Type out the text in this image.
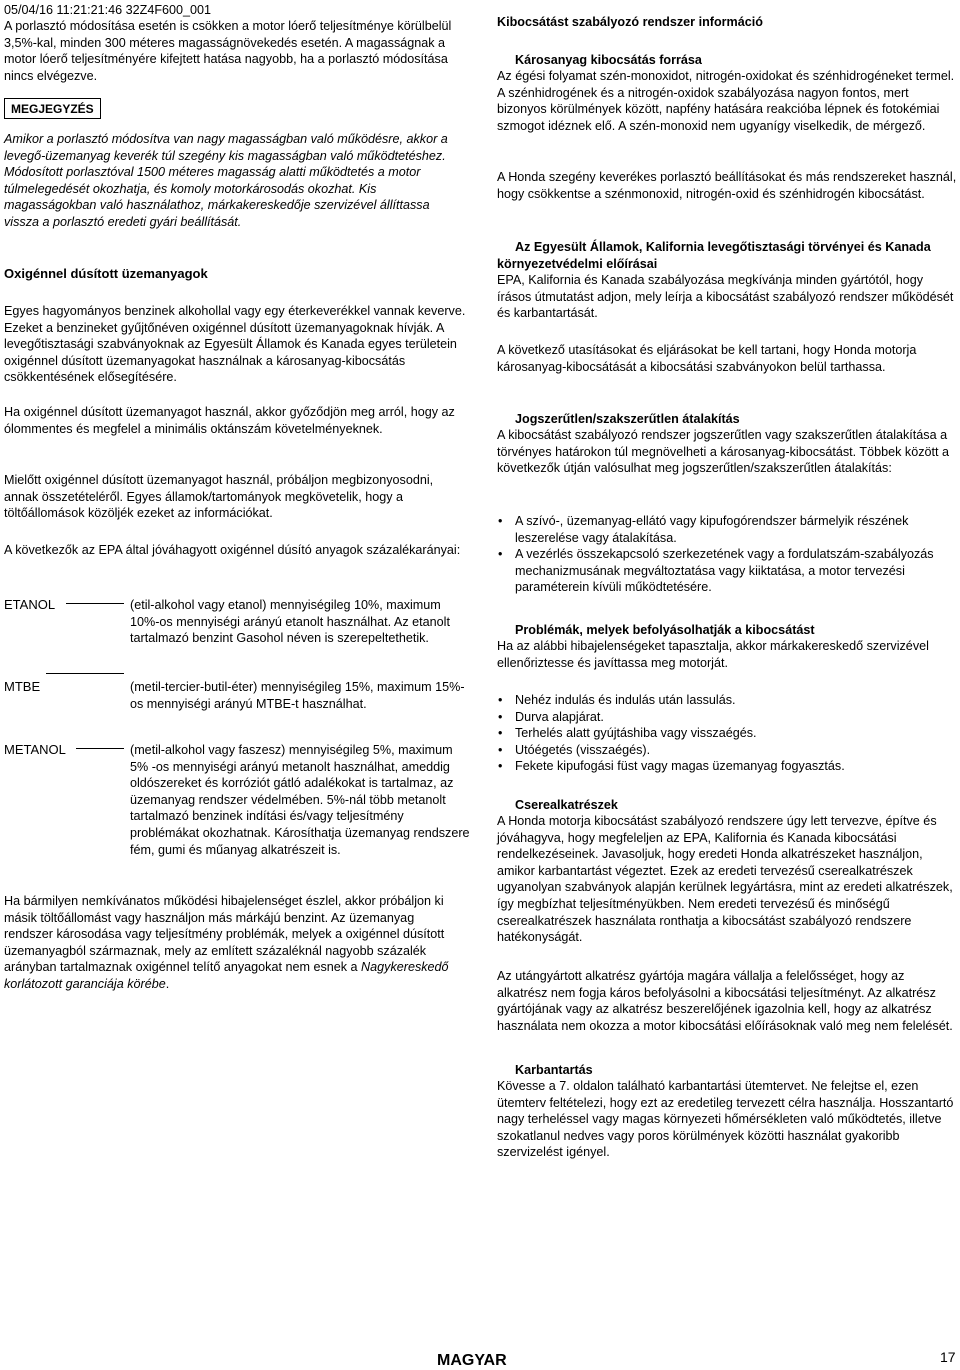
05/04/16 11:21:21:46 32Z4F600_001

A porlasztó módosítása esetén is csökken a motor lóerő teljesítménye körülbelül 3,5%-kal, minden 300 méteres magasságnövekedés esetén. A magasságnak a motor lóerő teljesítményére kifejtett hatása nagyobb, ha a porlasztó módosítása nincs elvégezve.

MEGJEGYZÉS

Amikor a porlasztó módosítva van nagy magasságban való működésre, akkor a levegő-üzemanyag keverék túl szegény kis magasságban való működtetéshez. Módosított porlasztóval 1500 méteres magasság alatti működtetés a motor túlmelegedését okozhatja, és komoly motorkárosodás okozhat. Kis magasságokban való használathoz, márkakereskedője szervizével állíttassa vissza a porlasztó eredeti gyári beállítását.

Oxigénnel dúsított üzemanyagok

Egyes hagyományos benzinek alkohollal vagy egy éterkeverékkel vannak keverve. Ezeket a benzineket gyűjtőnéven oxigénnel dúsított üzemanyagoknak hívják. A levegőtisztasági szabványoknak az Egyesült Államok és Kanada egyes területein oxigénnel dúsított üzemanyagokat használnak a károsanyag-kibocsátás csökkentésének elősegítésére.

Ha oxigénnel dúsított üzemanyagot használ, akkor győződjön meg arról, hogy az ólommentes és megfelel a minimális oktánszám követelményeknek.

Mielőtt oxigénnel dúsított üzemanyagot használ, próbáljon megbizonyosodni, annak összetételéről. Egyes államok/tartományok megkövetelik, hogy a töltőállomások közöljék ezeket az információkat.

A következők az EPA által jóváhagyott oxigénnel dúsító anyagok százalékarányai:

ETANOL	(etil-alkohol vagy etanol) mennyiségileg 10%, maximum 10%-os mennyiségi arányú etanolt használhat. Az etanolt tartalmazó benzint Gasohol néven is szerepeltethetik.

MTBE	(metil-tercier-butil-éter) mennyiségileg 15%, maximum 15%-os mennyiségi arányú MTBE-t használhat.

METANOL	(metil-alkohol vagy faszesz) mennyiségileg 5%, maximum 5% -os mennyiségi arányú metanolt használhat, ameddig oldószereket és korróziót gátló adalékokat is tartalmaz, az üzemanyag rendszer védelmében. 5%-nál több metanolt tartalmazó benzinek indítási és/vagy teljesítmény problémákat okozhatnak. Károsíthatja üzemanyag rendszere fém, gumi és műanyag alkatrészeit is.

Ha bármilyen nemkívánatos működési hibajelenséget észlel, akkor próbáljon ki másik töltőállomást vagy használjon más márkájú benzint. Az üzemanyag rendszer károsodása vagy teljesítmény problémák, melyek a oxigénnel dúsított üzemanyagból származnak, mely az említett százaléknál nagyobb százalék arányban tartalmaznak oxigénnel telítő anyagokat nem esnek a Nagykereskedő korlátozott garanciája körébe.

Kibocsátást szabályozó rendszer információ

Károsanyag kibocsátás forrása

Az égési folyamat szén-monoxidot, nitrogén-oxidokat és szénhidrogéneket termel. A szénhidrogének és a nitrogén-oxidok szabályozása nagyon fontos, mert bizonyos körülmények között, napfény hatására reakcióba lépnek és fotokémiai szmogot idéznek elő. A szén-monoxid nem ugyanígy viselkedik, de mérgező.

A Honda szegény keverékes porlasztó beállításokat és más rendszereket használ, hogy csökkentse a szénmonoxid, nitrogén-oxid és szénhidrogén kibocsátást.

Az Egyesült Államok, Kalifornia levegőtisztasági törvényei és Kanada környezetvédelmi előírásai

EPA, Kalifornia és Kanada szabályozása megkívánja minden gyártótól, hogy írásos útmutatást adjon, mely leírja a kibocsátást szabályozó rendszer működését és karbantartását.

A következő utasításokat és eljárásokat be kell tartani, hogy Honda motorja károsanyag-kibocsátását a kibocsátási szabványokon belül tarthassa.

Jogszerűtlen/szakszerűtlen átalakítás

A kibocsátást szabályozó rendszer jogszerűtlen vagy szakszerűtlen átalakítása a törvényes határokon túl megnövelheti a károsanyag-kibocsátást. Többek között a következők útján valósulhat meg jogszerűtlen/szakszerűtlen átalakítás:

• A szívó-, üzemanyag-ellátó vagy kipufogórendszer bármelyik részének leszerelése vagy átalakítása.
• A vezérlés összekapcsoló szerkezetének vagy a fordulatszám-szabályozás mechanizmusának megváltoztatása vagy kiiktatása, a motor tervezési paraméterein kívüli működtetésére.

Problémák, melyek befolyásolhatják a kibocsátást

Ha az alábbi hibajelenségeket tapasztalja, akkor márkakereskedő szervizével ellenőriztesse és javíttassa meg motorját.

• Nehéz indulás és indulás után lassulás.
• Durva alapjárat.
• Terhelés alatt gyújtáshiba vagy visszaégés.
• Utóégetés (visszaégés).
• Fekete kipufogási füst vagy magas üzemanyag fogyasztás.

Cserealkatrészek

A Honda motorja kibocsátást szabályozó rendszere úgy lett tervezve, építve és jóváhagyva, hogy megfeleljen az EPA, Kalifornia és Kanada kibocsátási rendelkezéseinek. Javasoljuk, hogy eredeti Honda alkatrészeket használjon, amikor karbantartást végeztet. Ezek az eredeti tervezésű cserealkatrészek ugyanolyan szabványok alapján kerülnek legyártásra, mint az eredeti alkatrészek, így megbízhat teljesítményükben. Nem eredeti tervezésű és minőségű cserealkatrészek használata ronthatja a kibocsátást szabályozó rendszere hatékonyságát.

Az utángyártott alkatrész gyártója magára vállalja a felelősséget, hogy az alkatrész nem fogja káros befolyásolni a kibocsátási teljesítményt. Az alkatrész gyártójának vagy az alkatrész beszerelőjének igazolnia kell, hogy az alkatrész használata nem okozza a motor kibocsátási előírásoknak való meg nem felelését.

Karbantartás

Kövesse a 7. oldalon található karbantartási ütemtervet. Ne felejtse el, ezen ütemterv feltételezi, hogy ezt az eredetileg tervezett célra használja. Hosszantartó nagy terheléssel vagy magas környezeti hőmérsékleten való működtetés, illetve szokatlanul nedves vagy poros körülmények közötti használat gyakoribb szervizelést igényel.

MAGYAR	17
